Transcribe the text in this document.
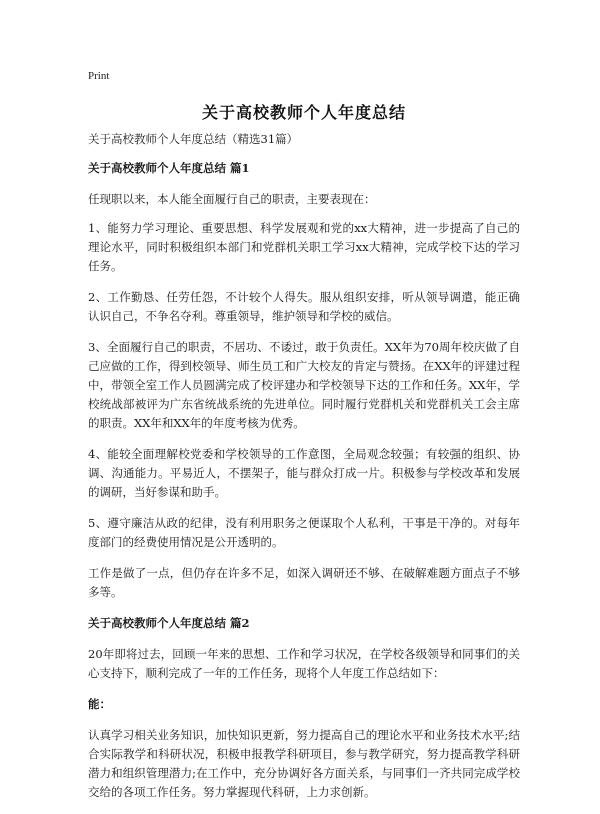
Print
关于高校教师个人年度总结
关于高校教师个人年度总结（精选31篇）
关于高校教师个人年度总结 篇1
任现职以来，本人能全面履行自己的职责，主要表现在：
1、能努力学习理论、重要思想、科学发展观和党的xx大精神，进一步提高了自己的理论水平，同时积极组织本部门和党群机关职工学习xx大精神，完成学校下达的学习任务。
2、工作勤恳、任劳任怨，不计较个人得失。服从组织安排，听从领导调遣，能正确认识自己，不争名夺利。尊重领导，维护领导和学校的威信。
3、全面履行自己的职责，不居功、不诿过，敢于负责任。XX年为70周年校庆做了自己应做的工作，得到校领导、师生员工和广大校友的肯定与赞扬。在XX年的评建过程中，带领全室工作人员圆满完成了校评建办和学校领导下达的工作和任务。XX年，学校统战部被评为广东省统战系统的先进单位。同时履行党群机关和党群机关工会主席的职责。XX年和XX年的年度考核为优秀。
4、能较全面理解校党委和学校领导的工作意图，全局观念较强；有较强的组织、协调、沟通能力。平易近人，不摆架子，能与群众打成一片。积极参与学校改革和发展的调研，当好参谋和助手。
5、遵守廉洁从政的纪律，没有利用职务之便谋取个人私利，干事是干净的。对每年度部门的经费使用情况是公开透明的。
工作是做了一点，但仍存在许多不足，如深入调研还不够、在破解难题方面点子不够多等。
关于高校教师个人年度总结 篇2
20年即将过去，回顾一年来的思想、工作和学习状况，在学校各级领导和同事们的关心支持下，顺利完成了一年的工作任务，现将个人年度工作总结如下：
能：
认真学习相关业务知识，加快知识更新，努力提高自己的理论水平和业务技术水平;结合实际教学和科研状况，积极申报教学科研项目，参与教学研究，努力提高教学科研潜力和组织管理潜力;在工作中，充分协调好各方面关系，与同事们一齐共同完成学校交给的各项工作任务。努力掌握现代科研，上力求创新。
